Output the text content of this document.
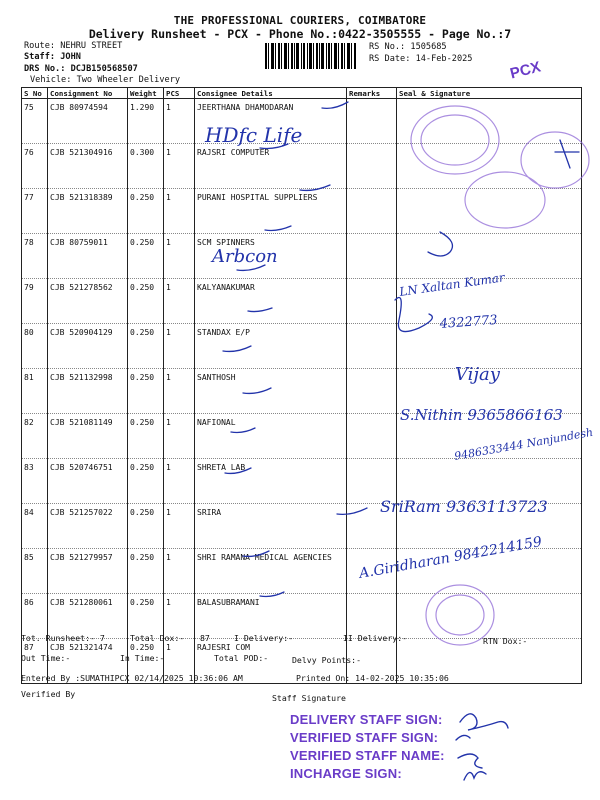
THE PROFESSIONAL COURIERS, COIMBATORE
Delivery Runsheet - PCX - Phone No.:0422-3505555 - Page No.:7
Route: NEHRU STREET
Staff: JOHN
DRS No.: DCJB150568507
Vehicle: Two Wheeler Delivery
RS No.: 1505685
RS Date: 14-Feb-2025 PCX
S No	Consignment No	Weight	PCS	Consignee Details	Remarks	Seal & Signature
75	CJB 80974594	1.290	1	JEERTHANA DHAMODARAN		
76	CJB 521304916	0.300	1	RAJSRI COMPUTER		
77	CJB 521318389	0.250	1	PURANI HOSPITAL SUPPLIERS		
78	CJB 80759011	0.250	1	SCM SPINNERS		
79	CJB 521278562	0.250	1	KALYANAKUMAR		
80	CJB 520904129	0.250	1	STANDAX E/P		
81	CJB 521132998	0.250	1	SANTHOSH		
82	CJB 521081149	0.250	1	NAFIONAL		
83	CJB 520746751	0.250	1	SHRETA LAB		
84	CJB 521257022	0.250	1	SRIRA		
85	CJB 521279957	0.250	1	SHRI RAMANA MEDICAL AGENCIES		
86	CJB 521280061	0.250	1	BALASUBRAMANI		
87	CJB 521321474	0.250	1	RAJESRI COM		
HDfc Life
Arbcon
LN Xaltan Kumar
4322773
Vijay
S.Nithin 9365866163
9486333444 Nanjundesh
SriRam 9363113723
A.Giridharan 9842214159
Tot. Runsheet:- 7	Total Dox:- 87	I Delivery:-	II Delivery:-	RTN Dox:-
Out Time:-	In Time:-	Total POD:-	Delvy Points:-
Entered By :SUMATHIPCX 02/14/2025 10:36:06 AM	Printed On: 14-02-2025 10:35:06
Verified By	Staff Signature
DELIVERY STAFF SIGN:
VERIFIED STAFF SIGN:
VERIFIED STAFF NAME:
INCHARGE SIGN:
